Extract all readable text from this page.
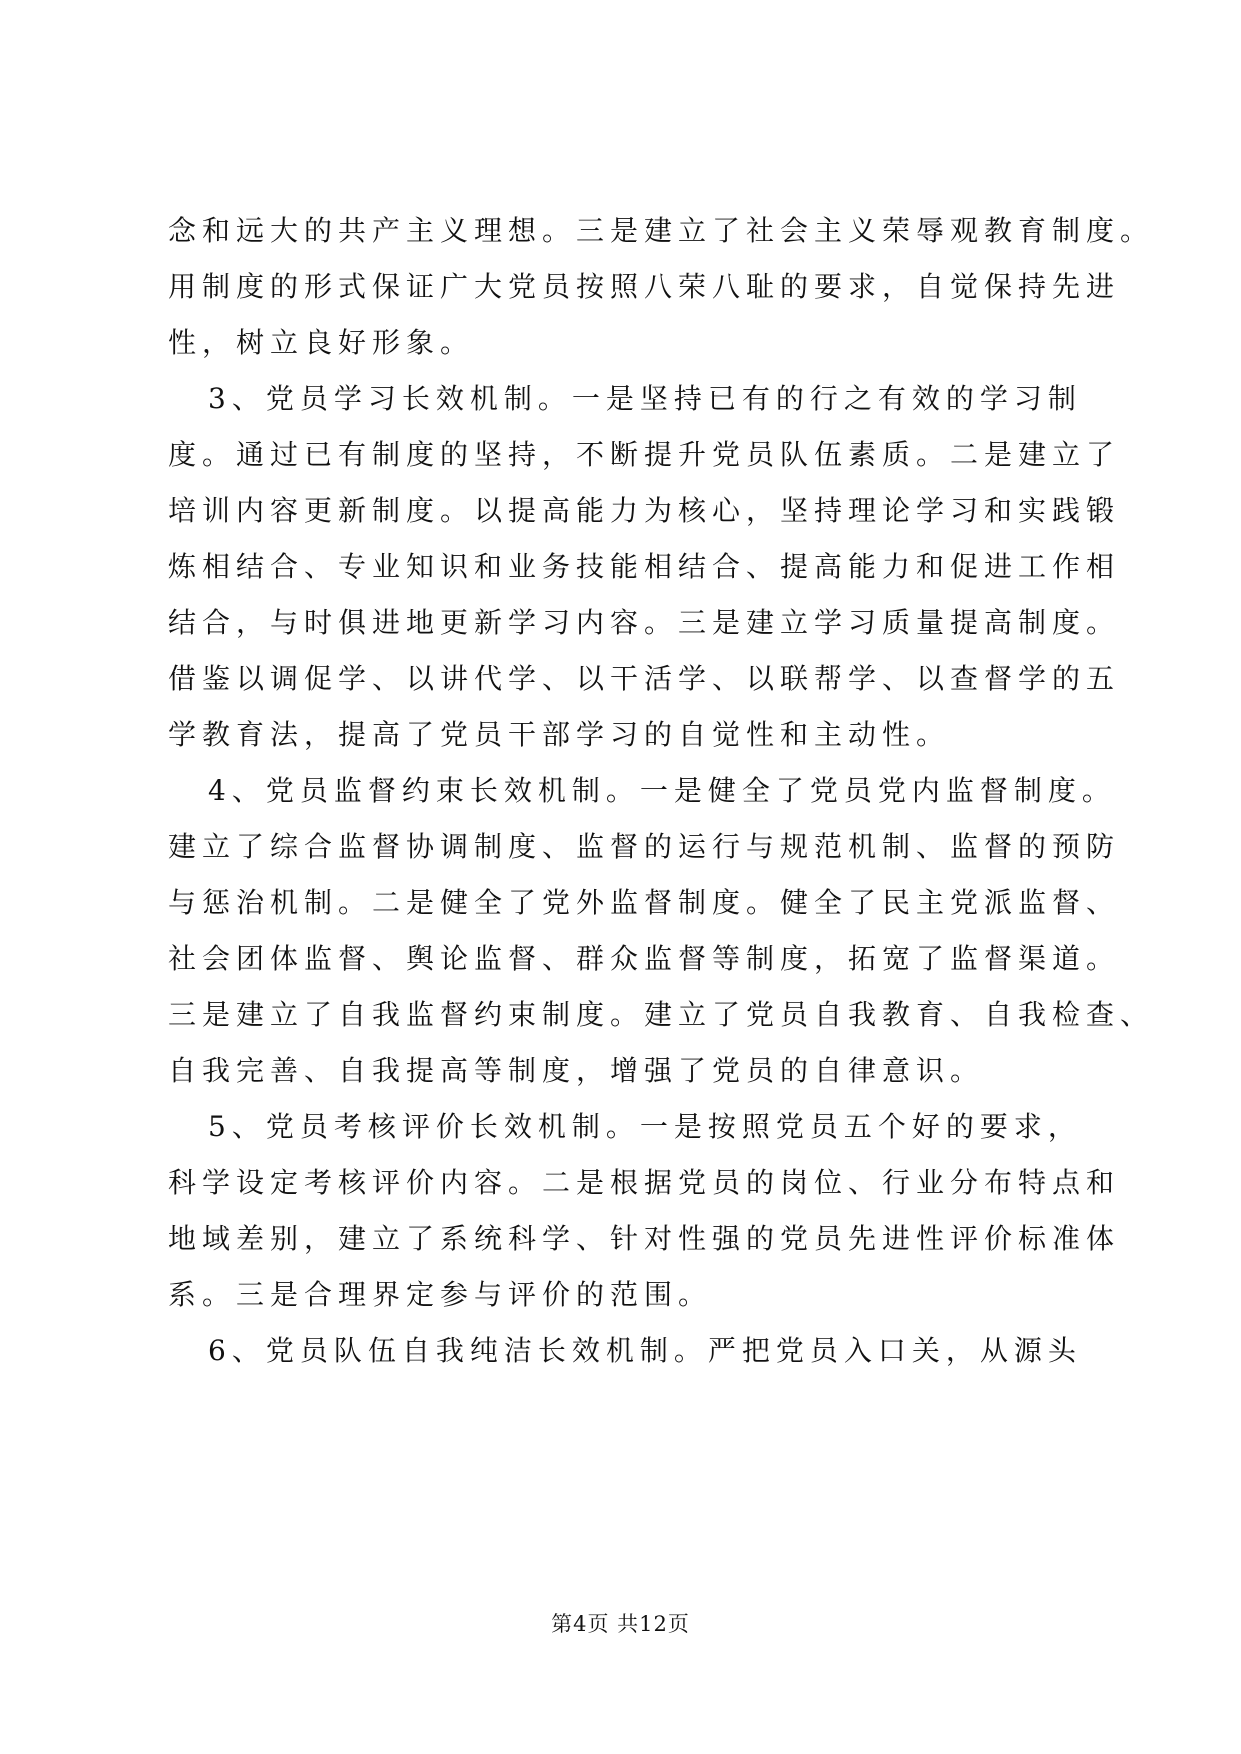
念和远大的共产主义理想。三是建立了社会主义荣辱观教育制度。
用制度的形式保证广大党员按照八荣八耻的要求，自觉保持先进
性，树立良好形象。
3、党员学习长效机制。一是坚持已有的行之有效的学习制
度。通过已有制度的坚持，不断提升党员队伍素质。二是建立了
培训内容更新制度。以提高能力为核心，坚持理论学习和实践锻
炼相结合、专业知识和业务技能相结合、提高能力和促进工作相
结合，与时俱进地更新学习内容。三是建立学习质量提高制度。
借鉴以调促学、以讲代学、以干活学、以联帮学、以查督学的五
学教育法，提高了党员干部学习的自觉性和主动性。
4、党员监督约束长效机制。一是健全了党员党内监督制度。
建立了综合监督协调制度、监督的运行与规范机制、监督的预防
与惩治机制。二是健全了党外监督制度。健全了民主党派监督、
社会团体监督、舆论监督、群众监督等制度，拓宽了监督渠道。
三是建立了自我监督约束制度。建立了党员自我教育、自我检查、
自我完善、自我提高等制度，增强了党员的自律意识。
5、党员考核评价长效机制。一是按照党员五个好的要求，
科学设定考核评价内容。二是根据党员的岗位、行业分布特点和
地域差别，建立了系统科学、针对性强的党员先进性评价标准体
系。三是合理界定参与评价的范围。
6、党员队伍自我纯洁长效机制。严把党员入口关，从源头
第4页 共12页
